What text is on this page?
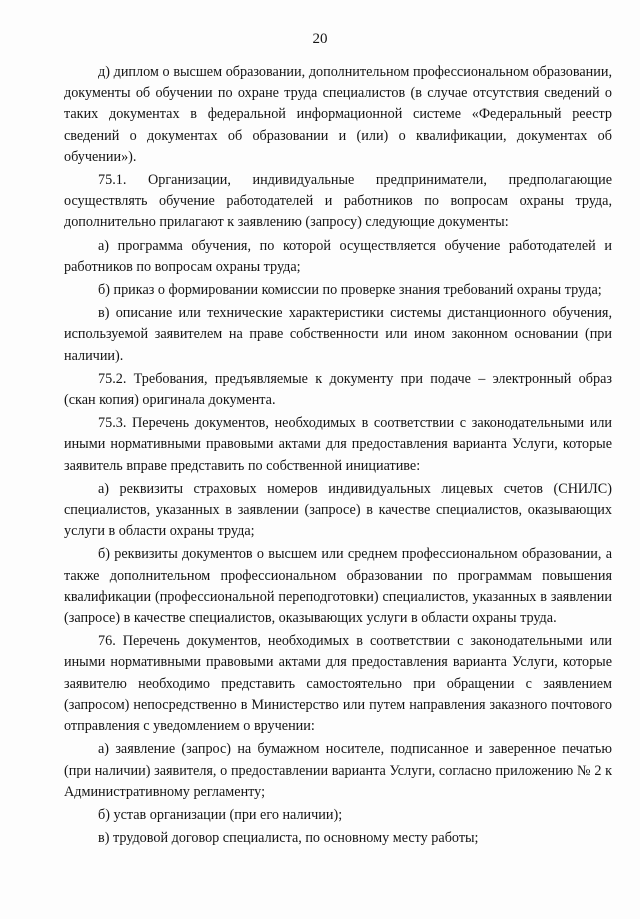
20

д) диплом о высшем образовании, дополнительном профессиональном образовании, документы об обучении по охране труда специалистов (в случае отсутствия сведений о таких документах в федеральной информационной системе «Федеральный реестр сведений о документах об образовании и (или) о квалификации, документах об обучении»).

75.1. Организации, индивидуальные предприниматели, предполагающие осуществлять обучение работодателей и работников по вопросам охраны труда, дополнительно прилагают к заявлению (запросу) следующие документы:

а) программа обучения, по которой осуществляется обучение работодателей и работников по вопросам охраны труда;

б) приказ о формировании комиссии по проверке знания требований охраны труда;

в) описание или технические характеристики системы дистанционного обучения, используемой заявителем на праве собственности или ином законном основании (при наличии).

75.2. Требования, предъявляемые к документу при подаче – электронный образ (скан копия) оригинала документа.

75.3. Перечень документов, необходимых в соответствии с законодательными или иными нормативными правовыми актами для предоставления варианта Услуги, которые заявитель вправе представить по собственной инициативе:

а) реквизиты страховых номеров индивидуальных лицевых счетов (СНИЛС) специалистов, указанных в заявлении (запросе) в качестве специалистов, оказывающих услуги в области охраны труда;

б) реквизиты документов о высшем или среднем профессиональном образовании, а также дополнительном профессиональном образовании по программам повышения квалификации (профессиональной переподготовки) специалистов, указанных в заявлении (запросе) в качестве специалистов, оказывающих услуги в области охраны труда.

76. Перечень документов, необходимых в соответствии с законодательными или иными нормативными правовыми актами для предоставления варианта Услуги, которые заявителю необходимо представить самостоятельно при обращении с заявлением (запросом) непосредственно в Министерство или путем направления заказного почтового отправления с уведомлением о вручении:

а) заявление (запрос) на бумажном носителе, подписанное и заверенное печатью (при наличии) заявителя, о предоставлении варианта Услуги, согласно приложению № 2 к Административному регламенту;

б) устав организации (при его наличии);

в) трудовой договор специалиста, по основному месту работы;
